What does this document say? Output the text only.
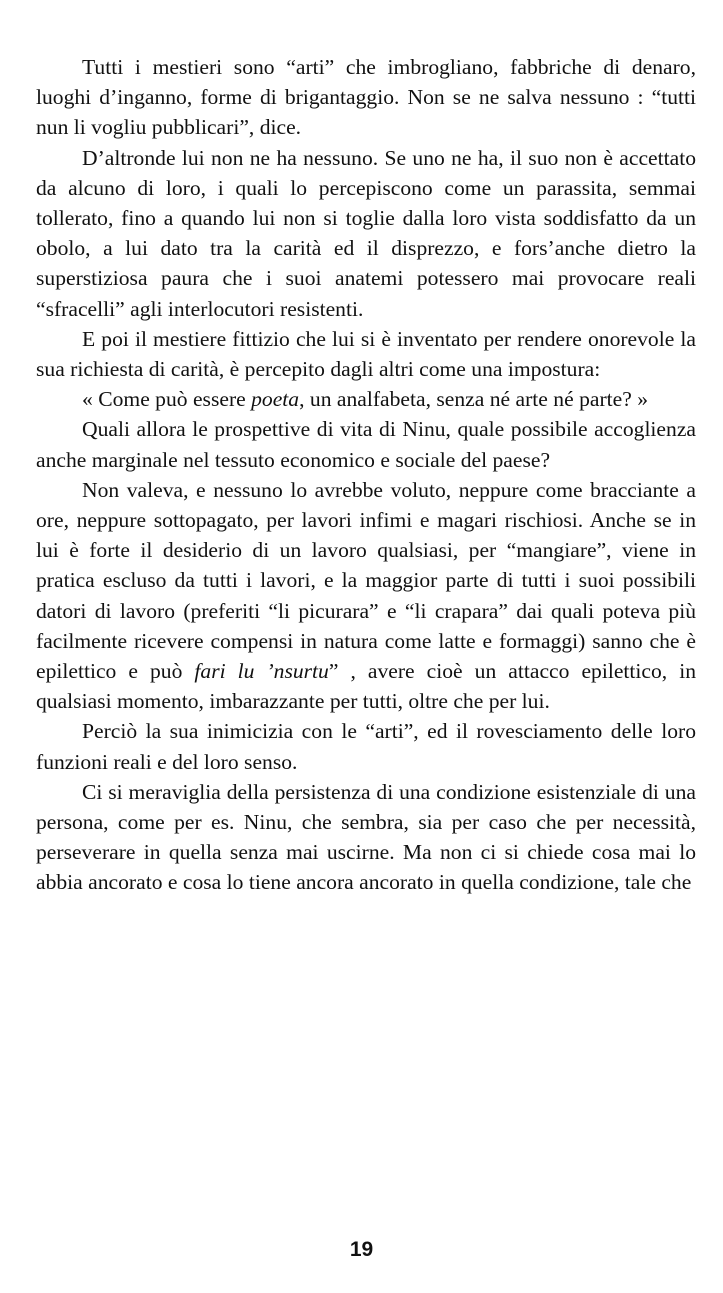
Tutti i mestieri sono “arti” che imbrogliano, fabbriche di denaro, luoghi d’inganno, forme di brigantaggio. Non se ne salva nessuno : “tutti nun li vogliu pubblicari”, dice.

D’altronde lui non ne ha nessuno. Se uno ne ha, il suo non è accettato da alcuno di loro, i quali lo percepiscono come un parassita, semmai tollerato, fino a quando lui non si toglie dalla loro vista soddisfatto da un obolo, a lui dato tra la carità ed il disprezzo, e fors’anche dietro la superstiziosa paura che i suoi anatemi potessero mai provocare reali “sfracelli” agli interlocutori resistenti.

E poi il mestiere fittizio che lui si è inventato per rendere onorevole la sua richiesta di carità, è percepito dagli altri come una impostura:

« Come può essere poeta, un analfabeta, senza né arte né parte? »

Quali allora le prospettive di vita di Ninu, quale possibile accoglienza anche marginale nel tessuto economico e sociale del paese?

Non valeva, e nessuno lo avrebbe voluto, neppure come bracciante a ore, neppure sottopagato, per lavori infimi e magari rischiosi. Anche se in lui è forte il desiderio di un lavoro qualsiasi, per “mangiare”, viene in pratica escluso da tutti i lavori, e la maggior parte di tutti i suoi possibili datori di lavoro (preferiti “li picurara” e “li crapara” dai quali poteva più facilmente ricevere compensi in natura come latte e formaggi) sanno che è epilettico e può fari lu ’nsurtu” , avere cioè un attacco epilettico, in qualsiasi momento, imbarazzante per tutti, oltre che per lui.

Perciò la sua inimicizia con le “arti”, ed il rovesciamento delle loro funzioni reali e del loro senso.

Ci si meraviglia della persistenza di una condizione esistenziale di una persona, come per es. Ninu, che sembra, sia per caso che per necessità, perseverare in quella senza mai uscirne. Ma non ci si chiede cosa mai lo abbia ancorato e cosa lo tiene ancora ancorato in quella condizione, tale che

19
